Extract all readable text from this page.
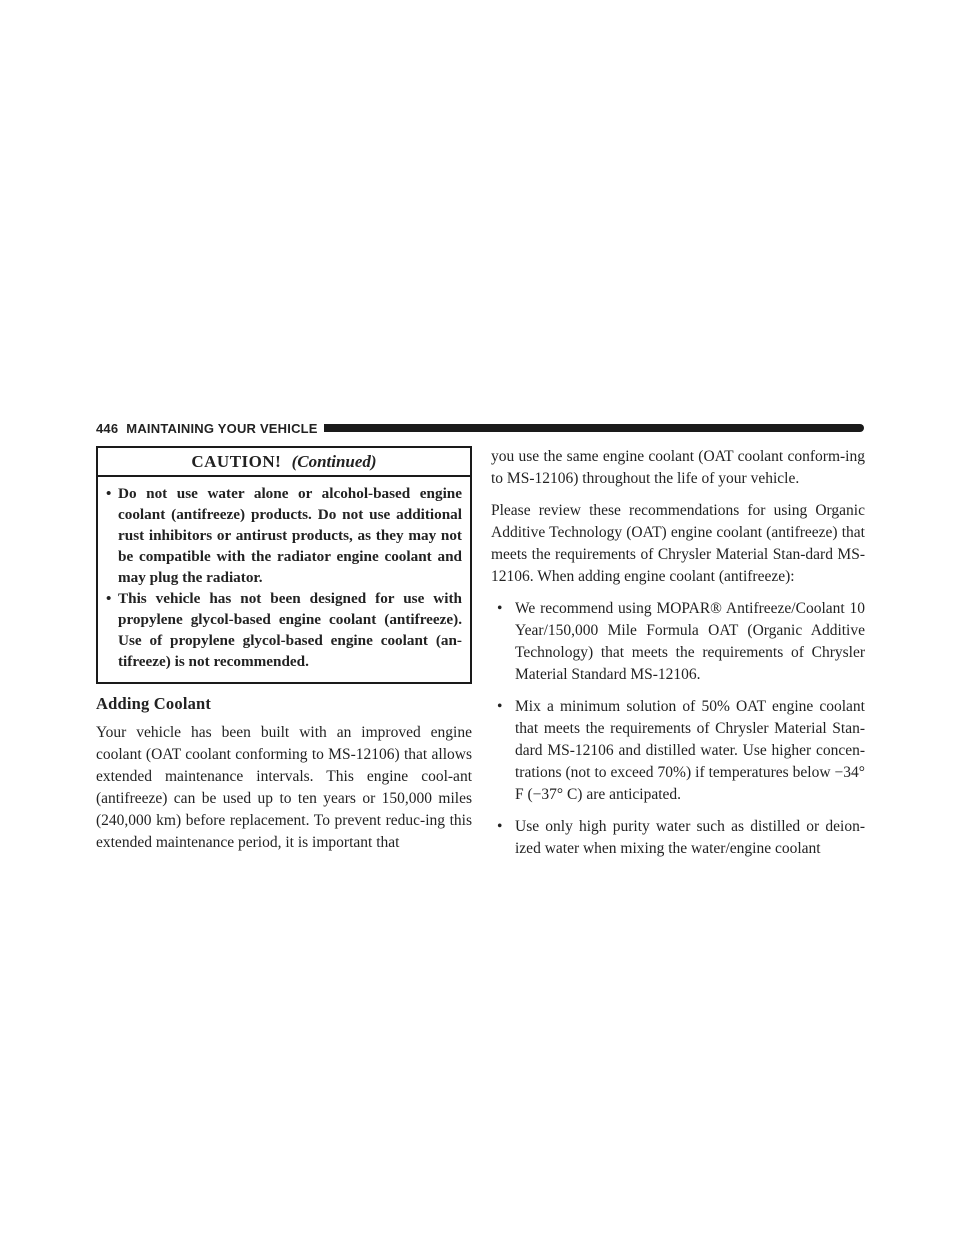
446 MAINTAINING YOUR VEHICLE
CAUTION! (Continued)
• Do not use water alone or alcohol-based engine coolant (antifreeze) products. Do not use additional rust inhibitors or antirust products, as they may not be compatible with the radiator engine coolant and may plug the radiator.
• This vehicle has not been designed for use with propylene glycol-based engine coolant (antifreeze). Use of propylene glycol-based engine coolant (an-tifreeze) is not recommended.
Adding Coolant

Your vehicle has been built with an improved engine coolant (OAT coolant conforming to MS-12106) that allows extended maintenance intervals. This engine cool-ant (antifreeze) can be used up to ten years or 150,000 miles (240,000 km) before replacement. To prevent reduc-ing this extended maintenance period, it is important that

you use the same engine coolant (OAT coolant conform-ing to MS-12106) throughout the life of your vehicle.

Please review these recommendations for using Organic Additive Technology (OAT) engine coolant (antifreeze) that meets the requirements of Chrysler Material Stan-dard MS-12106. When adding engine coolant (antifreeze):

• We recommend using MOPAR® Antifreeze/Coolant 10 Year/150,000 Mile Formula OAT (Organic Additive Technology) that meets the requirements of Chrysler Material Standard MS-12106.
• Mix a minimum solution of 50% OAT engine coolant that meets the requirements of Chrysler Material Stan-dard MS-12106 and distilled water. Use higher concen-trations (not to exceed 70%) if temperatures below −34° F (−37° C) are anticipated.
• Use only high purity water such as distilled or deion-ized water when mixing the water/engine coolant
